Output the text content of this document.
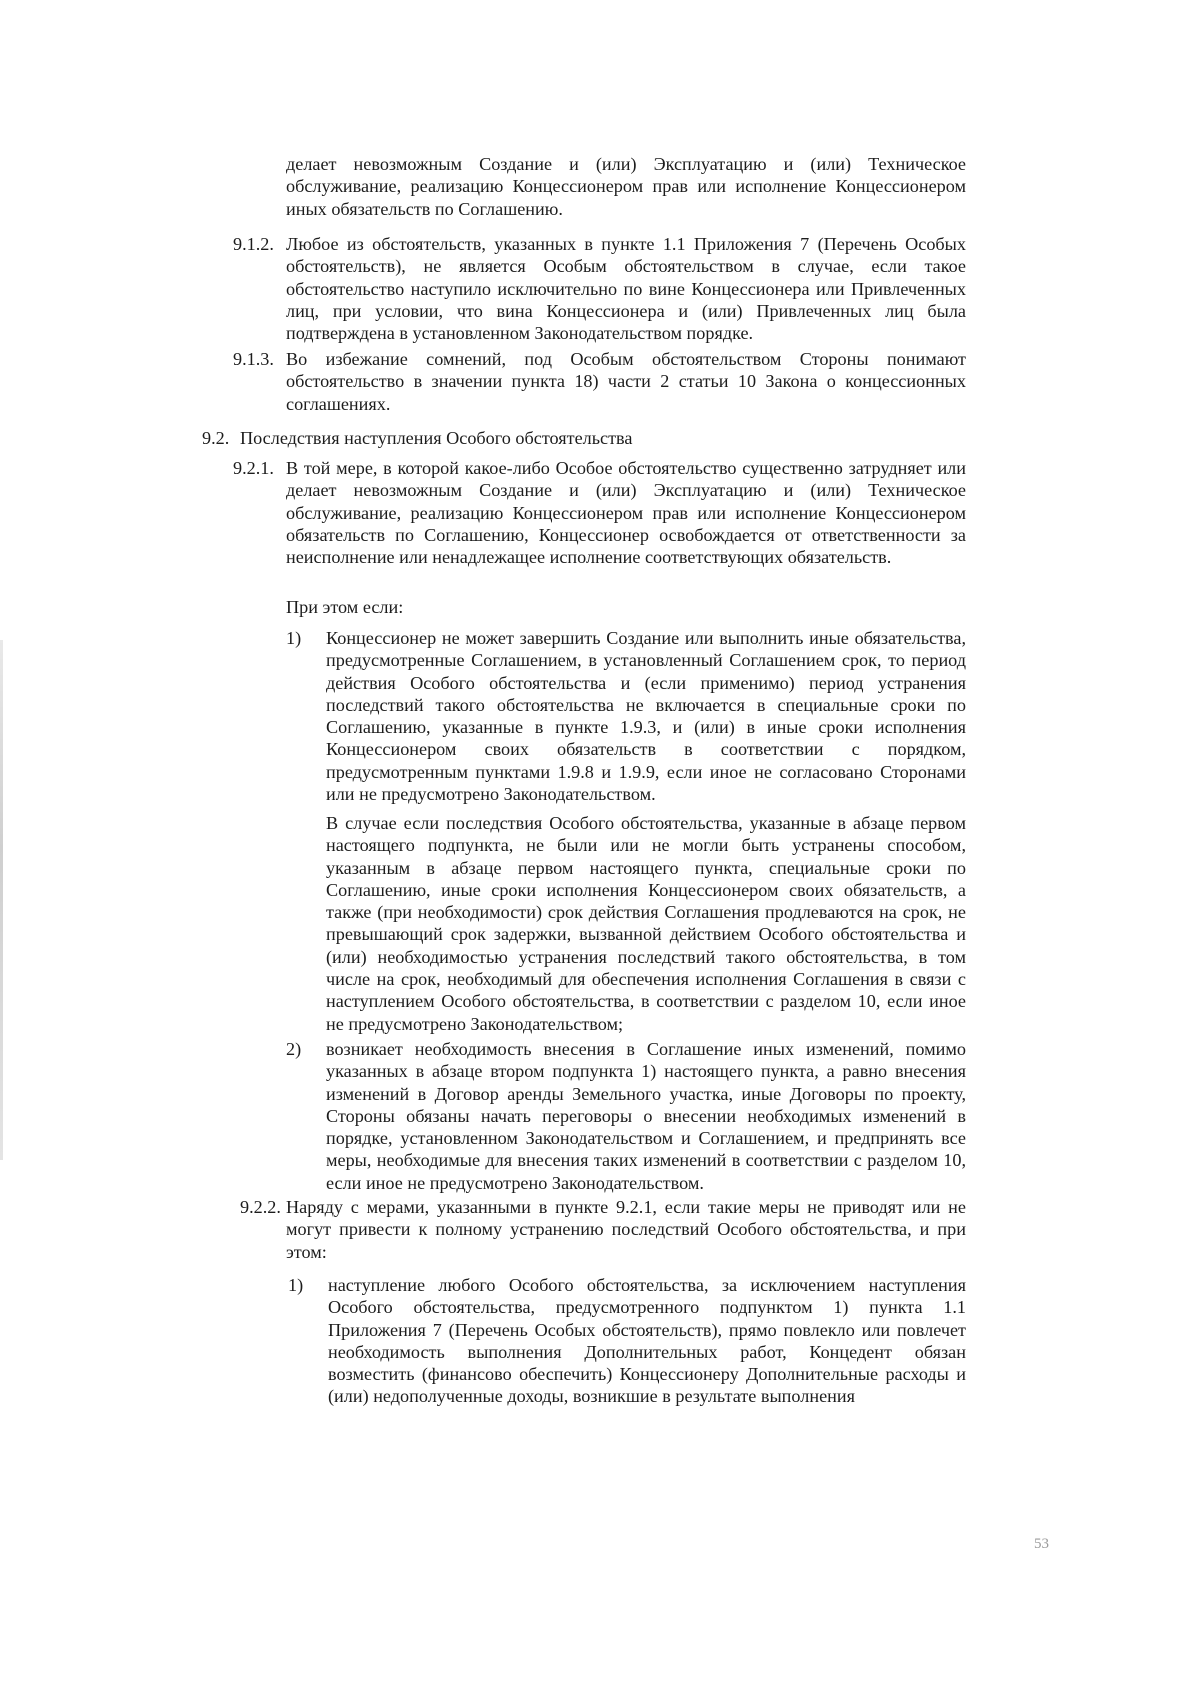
делает невозможным Создание и (или) Эксплуатацию и (или) Техническое обслуживание, реализацию Концессионером прав или исполнение Концессионером иных обязательств по Соглашению.
9.1.2. Любое из обстоятельств, указанных в пункте 1.1 Приложения 7 (Перечень Особых обстоятельств), не является Особым обстоятельством в случае, если такое обстоятельство наступило исключительно по вине Концессионера или Привлеченных лиц, при условии, что вина Концессионера и (или) Привлеченных лиц была подтверждена в установленном Законодательством порядке.
9.1.3. Во избежание сомнений, под Особым обстоятельством Стороны понимают обстоятельство в значении пункта 18) части 2 статьи 10 Закона о концессионных соглашениях.
9.2. Последствия наступления Особого обстоятельства
9.2.1. В той мере, в которой какое-либо Особое обстоятельство существенно затрудняет или делает невозможным Создание и (или) Эксплуатацию и (или) Техническое обслуживание, реализацию Концессионером прав или исполнение Концессионером обязательств по Соглашению, Концессионер освобождается от ответственности за неисполнение или ненадлежащее исполнение соответствующих обязательств.
При этом если:
1) Концессионер не может завершить Создание или выполнить иные обязательства, предусмотренные Соглашением, в установленный Соглашением срок, то период действия Особого обстоятельства и (если применимо) период устранения последствий такого обстоятельства не включается в специальные сроки по Соглашению, указанные в пункте 1.9.3, и (или) в иные сроки исполнения Концессионером своих обязательств в соответствии с порядком, предусмотренным пунктами 1.9.8 и 1.9.9, если иное не согласовано Сторонами или не предусмотрено Законодательством.
В случае если последствия Особого обстоятельства, указанные в абзаце первом настоящего подпункта, не были или не могли быть устранены способом, указанным в абзаце первом настоящего пункта, специальные сроки по Соглашению, иные сроки исполнения Концессионером своих обязательств, а также (при необходимости) срок действия Соглашения продлеваются на срок, не превышающий срок задержки, вызванной действием Особого обстоятельства и (или) необходимостью устранения последствий такого обстоятельства, в том числе на срок, необходимый для обеспечения исполнения Соглашения в связи с наступлением Особого обстоятельства, в соответствии с разделом 10, если иное не предусмотрено Законодательством;
2) возникает необходимость внесения в Соглашение иных изменений, помимо указанных в абзаце втором подпункта 1) настоящего пункта, а равно внесения изменений в Договор аренды Земельного участка, иные Договоры по проекту, Стороны обязаны начать переговоры о внесении необходимых изменений в порядке, установленном Законодательством и Соглашением, и предпринять все меры, необходимые для внесения таких изменений в соответствии с разделом 10, если иное не предусмотрено Законодательством.
9.2.2. Наряду с мерами, указанными в пункте 9.2.1, если такие меры не приводят или не могут привести к полному устранению последствий Особого обстоятельства, и при этом:
1) наступление любого Особого обстоятельства, за исключением наступления Особого обстоятельства, предусмотренного подпунктом 1) пункта 1.1 Приложения 7 (Перечень Особых обстоятельств), прямо повлекло или повлечет необходимость выполнения Дополнительных работ, Концедент обязан возместить (финансово обеспечить) Концессионеру Дополнительные расходы и (или) недополученные доходы, возникшие в результате выполнения
53
